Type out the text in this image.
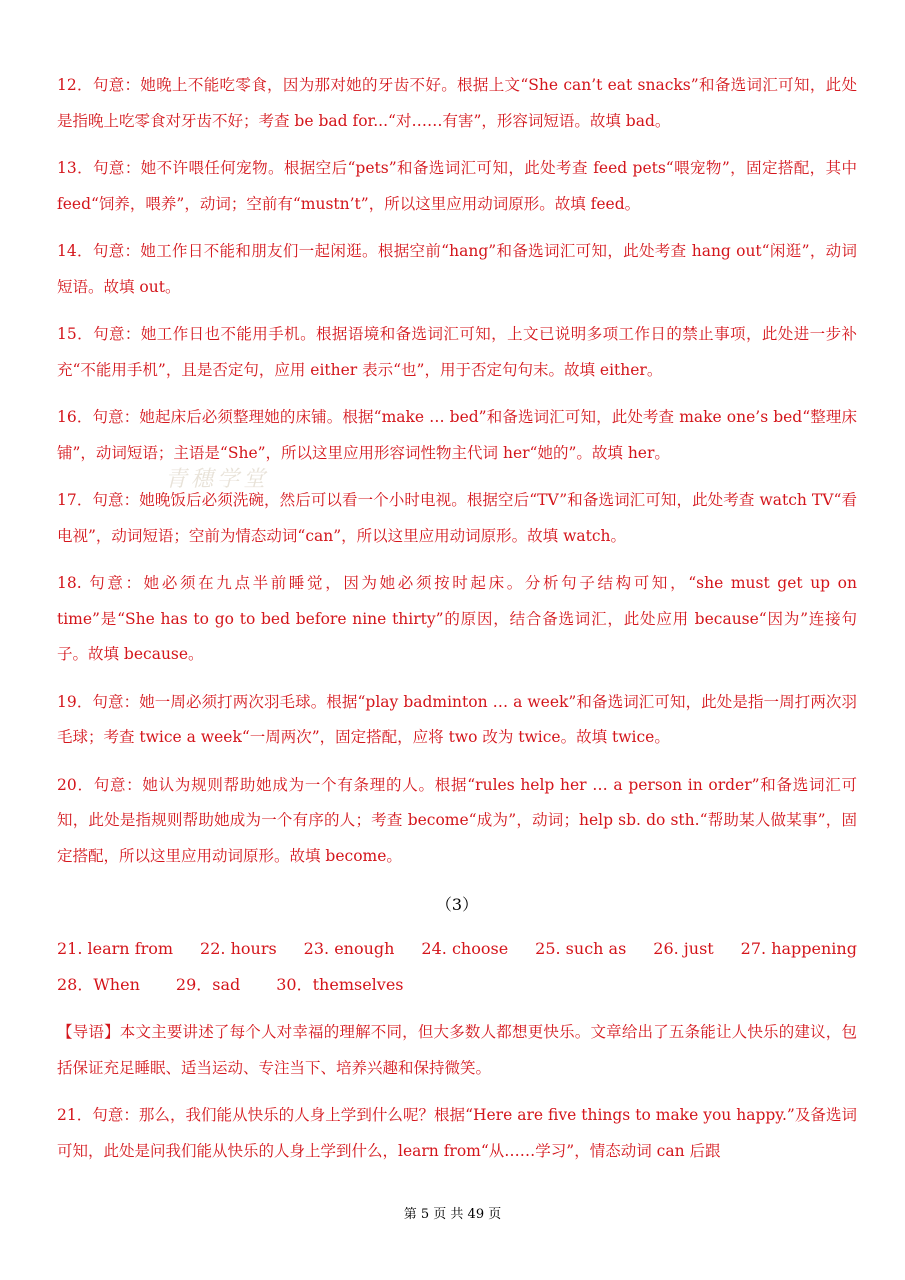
青穗学堂

12．句意：她晚上不能吃零食，因为那对她的牙齿不好。根据上文“She can’t eat snacks”和备选词汇可知，此处是指晚上吃零食对牙齿不好；考查 be bad for...“对……有害”，形容词短语。故填 bad。

13．句意：她不许喂任何宠物。根据空后“pets”和备选词汇可知，此处考查 feed pets“喂宠物”，固定搭配，其中 feed“饲养，喂养”，动词；空前有“mustn’t”，所以这里应用动词原形。故填 feed。

14．句意：她工作日不能和朋友们一起闲逛。根据空前“hang”和备选词汇可知，此处考查 hang out“闲逛”，动词短语。故填 out。

15．句意：她工作日也不能用手机。根据语境和备选词汇可知，上文已说明多项工作日的禁止事项，此处进一步补充“不能用手机”，且是否定句，应用 either 表示“也”，用于否定句句末。故填 either。

16．句意：她起床后必须整理她的床铺。根据“make … bed”和备选词汇可知，此处考查 make one’s bed“整理床铺”，动词短语；主语是“She”，所以这里应用形容词性物主代词 her“她的”。故填 her。

17．句意：她晚饭后必须洗碗，然后可以看一个小时电视。根据空后“TV”和备选词汇可知，此处考查 watch TV“看电视”，动词短语；空前为情态动词“can”，所以这里应用动词原形。故填 watch。

18. 句意：她必须在九点半前睡觉，因为她必须按时起床。分析句子结构可知，“she must get up on time”是“She has to go to bed before nine thirty”的原因，结合备选词汇，此处应用 because“因为”连接句子。故填 because。

19．句意：她一周必须打两次羽毛球。根据“play badminton … a week”和备选词汇可知，此处是指一周打两次羽毛球；考查 twice a week“一周两次”，固定搭配，应将 two 改为 twice。故填 twice。

20．句意：她认为规则帮助她成为一个有条理的人。根据“rules help her … a person in order”和备选词汇可知，此处是指规则帮助她成为一个有序的人；考查 become“成为”，动词；help sb. do sth.“帮助某人做某事”，固定搭配，所以这里应用动词原形。故填 become。

（3）
21. learn from 22. hours 23. enough 24. choose 25. such as 26. just 27. happening
28．When 29．sad 30．themselves

【导语】本文主要讲述了每个人对幸福的理解不同，但大多数人都想更快乐。文章给出了五条能让人快乐的建议，包括保证充足睡眠、适当运动、专注当下、培养兴趣和保持微笑。

21．句意：那么，我们能从快乐的人身上学到什么呢？根据“Here are five things to make you happy.”及备选词可知，此处是问我们能从快乐的人身上学到什么，learn from“从……学习”，情态动词 can 后跟

第 5 页 共 49 页
